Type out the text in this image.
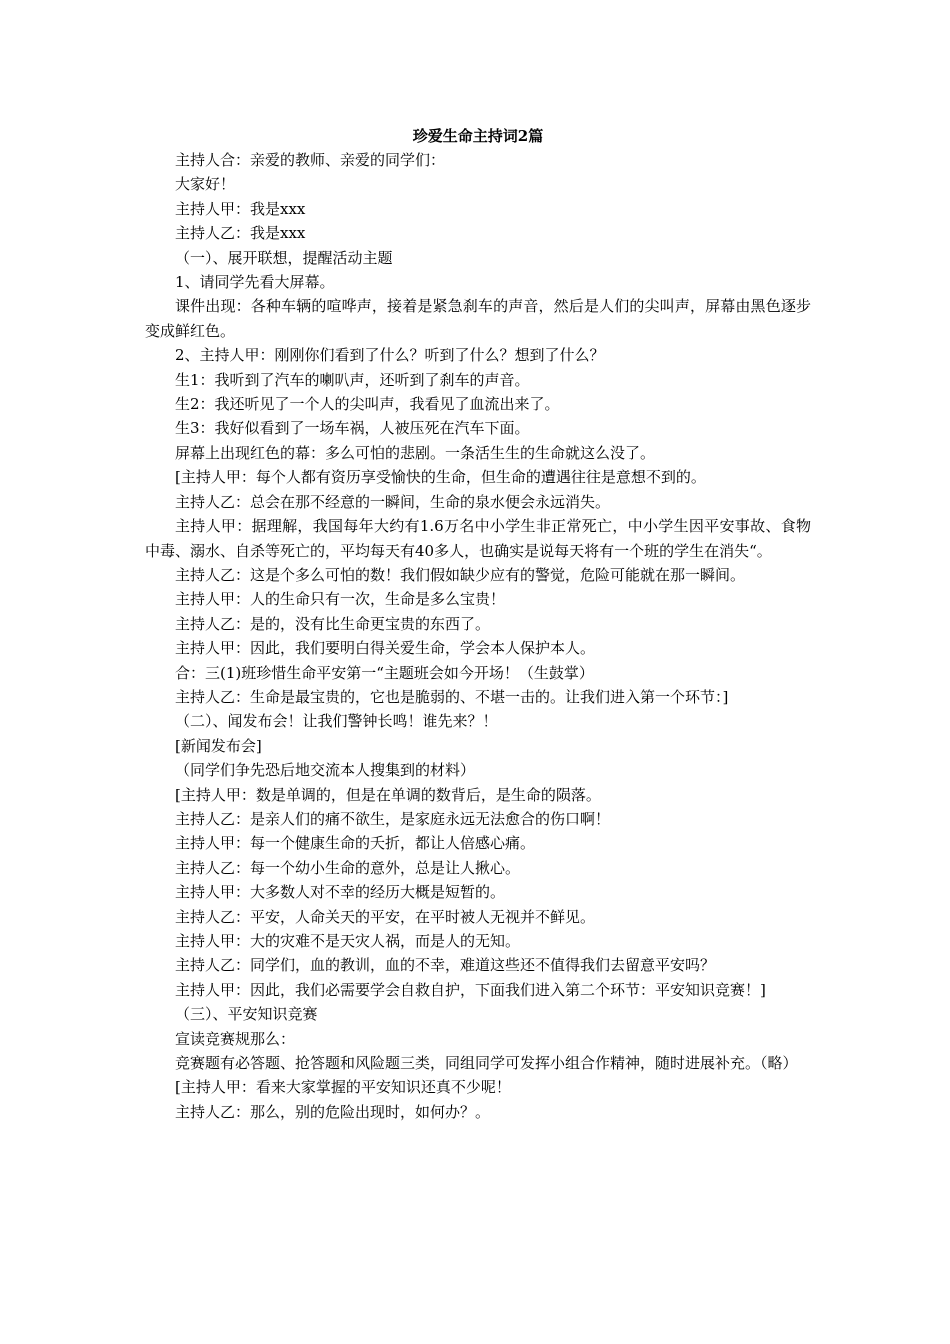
珍爱生命主持词2篇

主持人合：亲爱的教师、亲爱的同学们：

大家好！

主持人甲：我是xxx

主持人乙：我是xxx

（一）、展开联想，提醒活动主题

1、请同学先看大屏幕。

课件出现：各种车辆的喧哗声，接着是紧急刹车的声音，然后是人们的尖叫声，屏幕由黑色逐步变成鲜红色。

2、主持人甲：刚刚你们看到了什么？听到了什么？想到了什么？

生1：我听到了汽车的喇叭声，还听到了刹车的声音。

生2：我还听见了一个人的尖叫声，我看见了血流出来了。

生3：我好似看到了一场车祸，人被压死在汽车下面。

屏幕上出现红色的幕：多么可怕的悲剧。一条活生生的生命就这么没了。

[主持人甲：每个人都有资历享受愉快的生命，但生命的遭遇往往是意想不到的。

主持人乙：总会在那不经意的一瞬间，生命的泉水便会永远消失。

主持人甲：据理解，我国每年大约有1.6万名中小学生非正常死亡，中小学生因平安事故、食物中毒、溺水、自杀等死亡的，平均每天有40多人，也确实是说每天将有一个班的学生在消失“。

主持人乙：这是个多么可怕的数！我们假如缺少应有的警觉，危险可能就在那一瞬间。

主持人甲：人的生命只有一次，生命是多么宝贵！

主持人乙：是的，没有比生命更宝贵的东西了。

主持人甲：因此，我们要明白得关爱生命，学会本人保护本人。

合：三(1)班珍惜生命平安第一“主题班会如今开场！（生鼓掌）

主持人乙：生命是最宝贵的，它也是脆弱的、不堪一击的。让我们进入第一个环节：]

（二）、闻发布会！让我们警钟长鸣！谁先来？！

[新闻发布会]

（同学们争先恐后地交流本人搜集到的材料）

[主持人甲：数是单调的，但是在单调的数背后，是生命的陨落。

主持人乙：是亲人们的痛不欲生，是家庭永远无法愈合的伤口啊！

主持人甲：每一个健康生命的夭折，都让人倍感心痛。

主持人乙：每一个幼小生命的意外，总是让人揪心。

主持人甲：大多数人对不幸的经历大概是短暂的。

主持人乙：平安，人命关天的平安，在平时被人无视并不鲜见。

主持人甲：大的灾难不是天灾人祸，而是人的无知。

主持人乙：同学们，血的教训，血的不幸，难道这些还不值得我们去留意平安吗？

主持人甲：因此，我们必需要学会自救自护，下面我们进入第二个环节：平安知识竞赛！]

（三）、平安知识竞赛

宣读竞赛规那么：

竞赛题有必答题、抢答题和风险题三类，同组同学可发挥小组合作精神，随时进展补充。（略）

[主持人甲：看来大家掌握的平安知识还真不少呢！

主持人乙：那么，别的危险出现时，如何办？。
